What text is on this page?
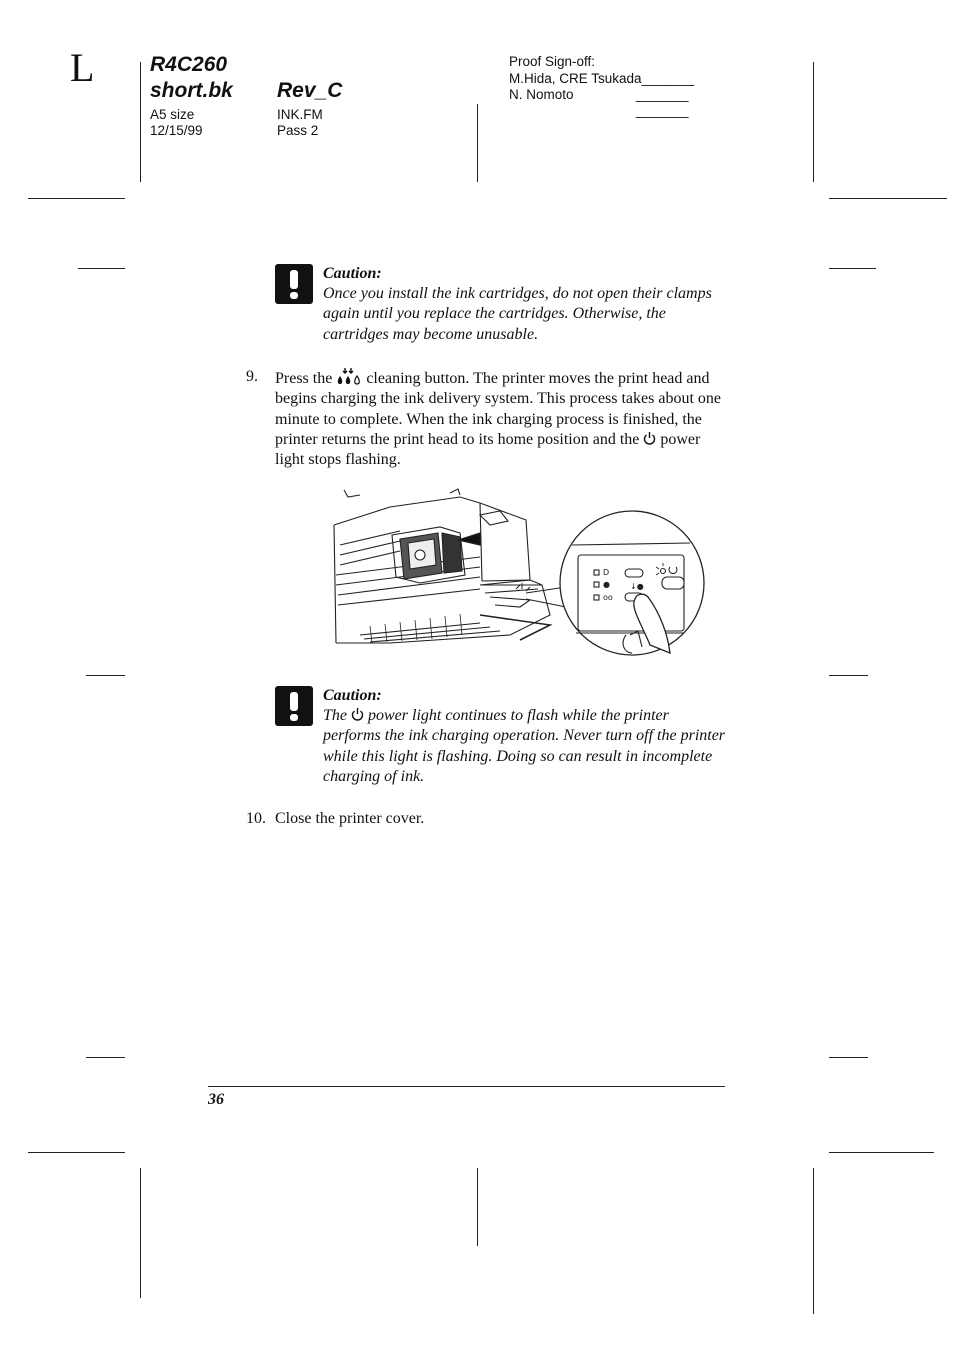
L	R4C260
short.bk Rev_C
A5 size
12/15/99
INK.FM
Pass 2
Proof Sign-off:
M.Hida, CRE Tsukada_______
N. Nomoto	_______
_______
Caution:
Once you install the ink cartridges, do not open their clamps again until you replace the cartridges. Otherwise, the cartridges may become unusable.
9. Press the cleaning button. The printer moves the print head and begins charging the ink delivery system. This process takes about one minute to complete. When the ink charging process is finished, the printer returns the print head to its home position and the power light stops flashing.
D
●
oo
↓●
Caution:
The power light continues to flash while the printer performs the ink charging operation. Never turn off the printer while this light is flashing. Doing so can result in incomplete charging of ink.
10. Close the printer cover.
36
